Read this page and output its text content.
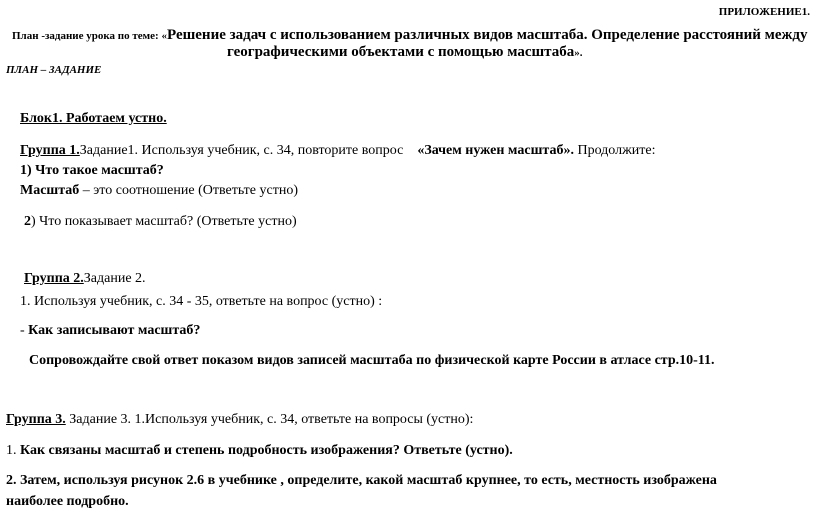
ПРИЛОЖЕНИЕ1.
План -задание урока по теме: «Решение задач с использованием различных видов масштаба. Определение расстояний между
географическими объектами с помощью масштаба».
ПЛАН – ЗАДАНИЕ
Блок1. Работаем устно.
Группа 1.Задание1. Используя учебник, с. 34, повторите вопрос «Зачем нужен масштаб». Продолжите:
1) Что такое масштаб?
Масштаб – это соотношение (Ответьте устно)
2) Что показывает масштаб? (Ответьте устно)
Группа 2.Задание 2.
1. Используя учебник, с. 34 - 35, ответьте на вопрос (устно) :
- Как записывают масштаб?
Сопровождайте свой ответ показом видов записей масштаба по физической карте России в атласе стр.10-11.
Группа 3. Задание 3. 1.Используя учебник, с. 34, ответьте на вопросы (устно):
1. Как связаны масштаб и степень подробность изображения? Ответьте (устно).
2. Затем, используя рисунок 2.6 в учебнике , определите, какой масштаб крупнее, то есть, местность изображена
наиболее подробно.
